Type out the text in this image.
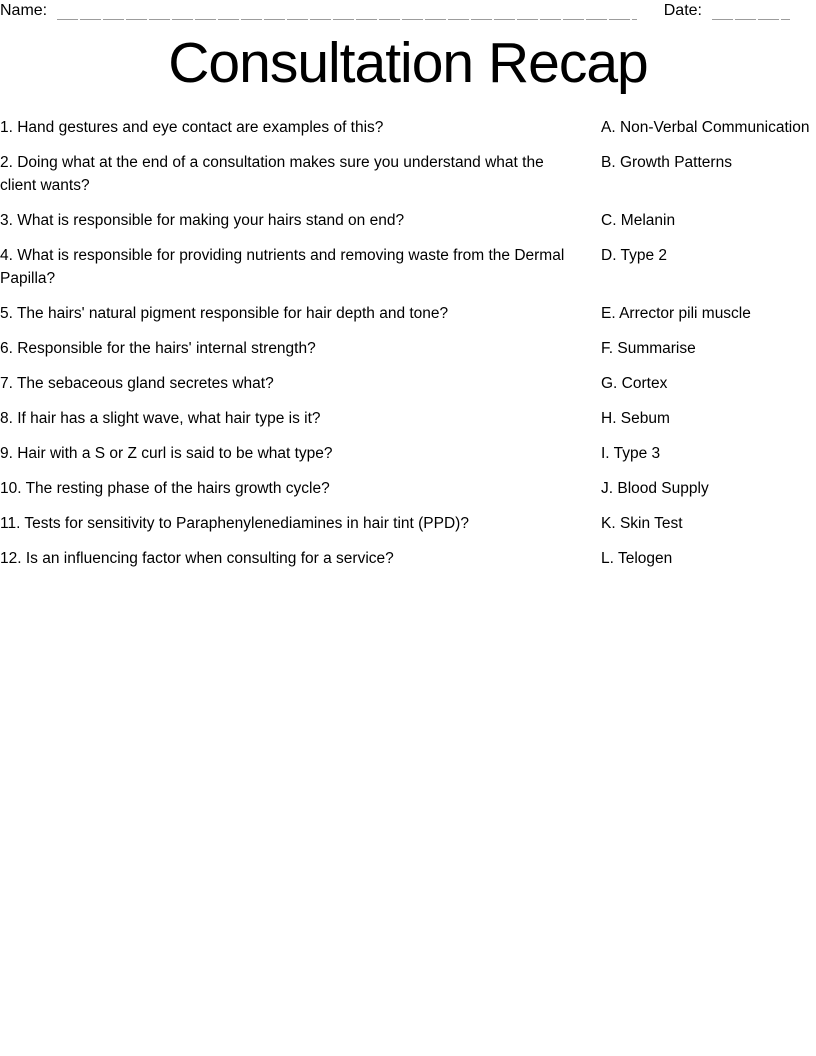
Name:	Date:
Consultation Recap
1. Hand gestures and eye contact are examples of this?	A. Non-Verbal Communication
2. Doing what at the end of a consultation makes sure you understand what the client wants?
B. Growth Patterns
3. What is responsible for making your hairs stand on end?	C. Melanin
4. What is responsible for providing nutrients and removing waste from the Dermal Papilla?
D. Type 2
5. The hairs' natural pigment responsible for hair depth and tone?	E. Arrector pili muscle
6. Responsible for the hairs' internal strength?	F. Summarise
7. The sebaceous gland secretes what?	G. Cortex
8. If hair has a slight wave, what hair type is it?	H. Sebum
9. Hair with a S or Z curl is said to be what type?	I. Type 3
10. The resting phase of the hairs growth cycle?	J. Blood Supply
11. Tests for sensitivity to Paraphenylenediamines in hair tint (PPD)?	K. Skin Test
12. Is an influencing factor when consulting for a service?	L. Telogen
